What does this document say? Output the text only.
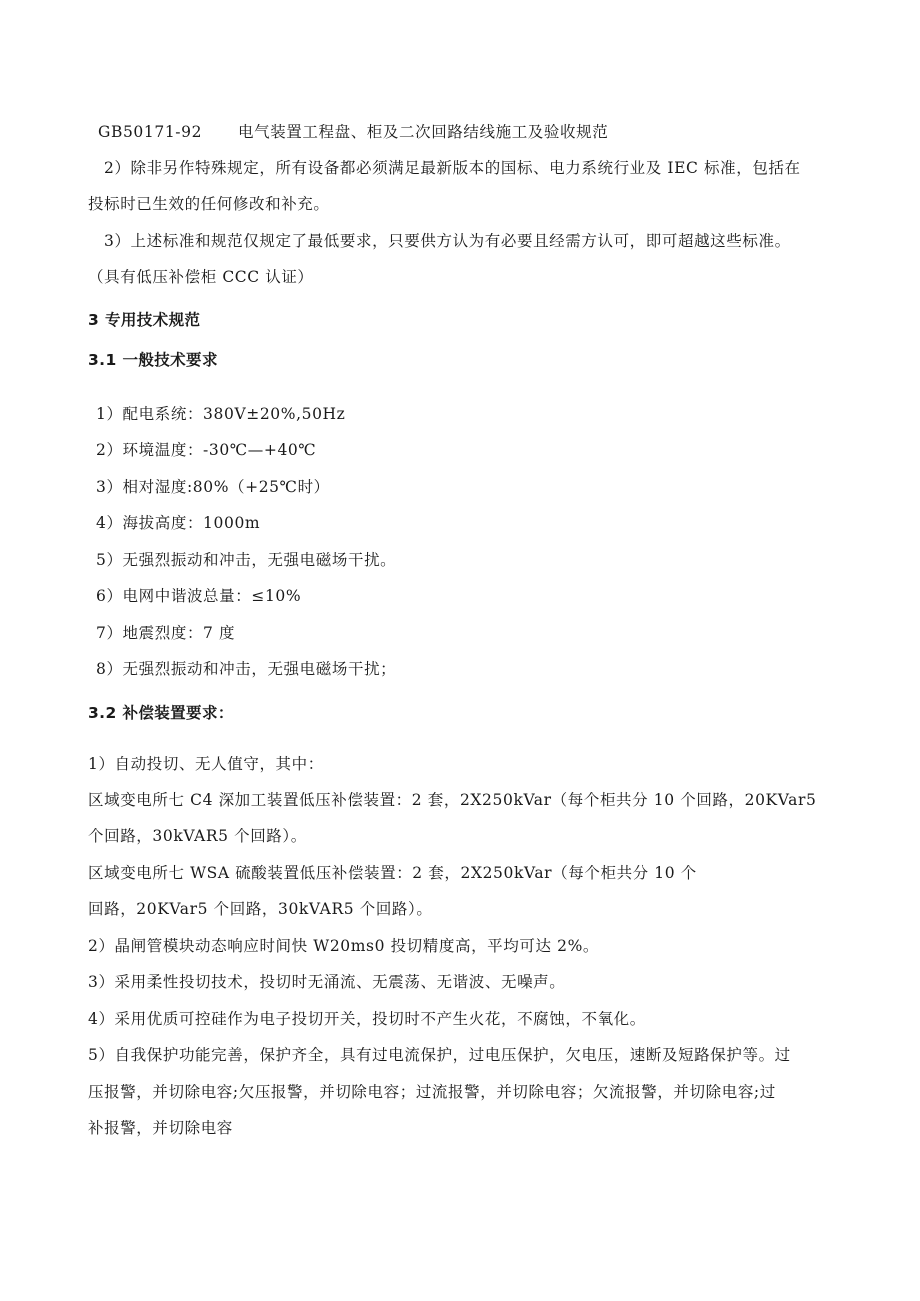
GB50171-92 电气装置工程盘、柜及二次回路结线施工及验收规范
2）除非另作特殊规定，所有设备都必须满足最新版本的国标、电力系统行业及 IEC 标准，包括在
投标时已生效的任何修改和补充。
3）上述标准和规范仅规定了最低要求，只要供方认为有必要且经需方认可，即可超越这些标准。
（具有低压补偿柜 CCC 认证）
3 专用技术规范
3.1 一般技术要求
1）配电系统：380V±20%,50Hz
2）环境温度：-30℃—+40℃
3）相对湿度:80%（+25℃时）
4）海拔高度：1000m
5）无强烈振动和冲击，无强电磁场干扰。
6）电网中谐波总量：≤10%
7）地震烈度：7 度
8）无强烈振动和冲击，无强电磁场干扰；
3.2 补偿装置要求：
1）自动投切、无人值守，其中：
区域变电所七 C4 深加工装置低压补偿装置：2 套，2X250kVar（每个柜共分 10 个回路，20KVar5
个回路，30kVAR5 个回路）。
区域变电所七 WSA 硫酸装置低压补偿装置：2 套，2X250kVar（每个柜共分 10 个
回路，20KVar5 个回路，30kVAR5 个回路）。
2）晶闸管模块动态响应时间快 W20ms0 投切精度高，平均可达 2%。
3）采用柔性投切技术，投切时无涌流、无震荡、无谐波、无噪声。
4）采用优质可控硅作为电子投切开关，投切时不产生火花，不腐蚀，不氧化。
5）自我保护功能完善，保护齐全，具有过电流保护，过电压保护，欠电压，速断及短路保护等。过
压报警，并切除电容;欠压报警，并切除电容；过流报警，并切除电容；欠流报警，并切除电容;过
补报警，并切除电容
